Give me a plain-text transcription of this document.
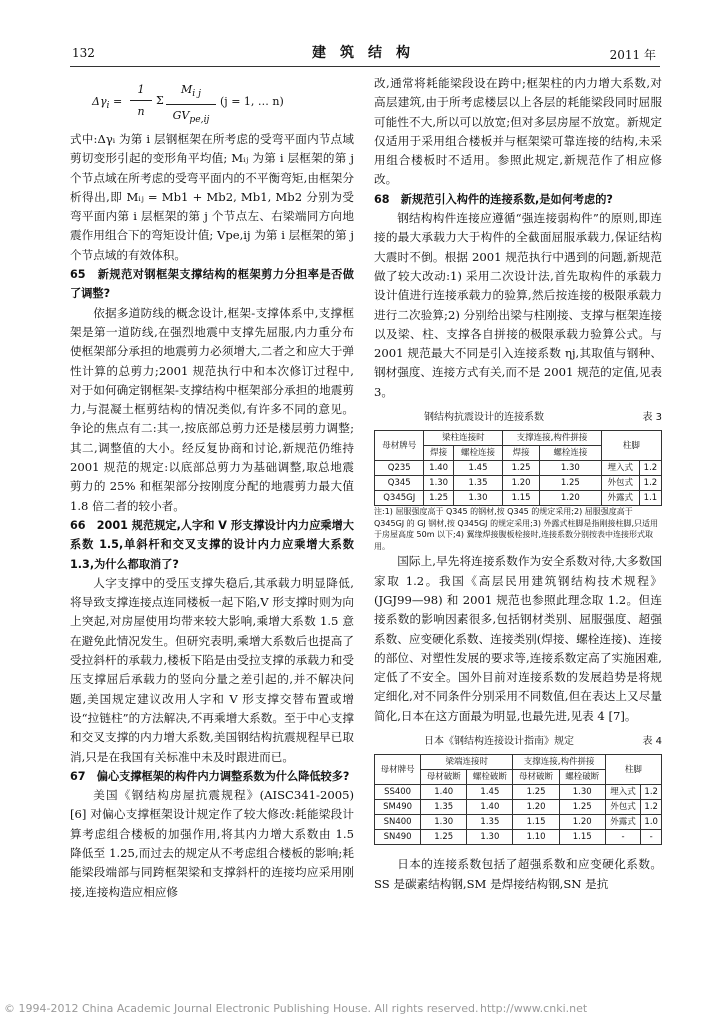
132	建筑结构	2011 年
$\Delta\gamma_i$ =
1
n
Σ
$M_{i j}$
$GV_{pe,ij}$
(j = 1, … n)

式中:Δγᵢ 为第 i 层钢框架在所考虑的受弯平面内节点域剪切变形引起的变形角平均值; Mᵢⱼ 为第 i 层框架的第 j 个节点域在所考虑的受弯平面内的不平衡弯矩,由框架分析得出,即 Mᵢⱼ = Mb1 + Mb2, Mb1, Mb2 分别为受弯平面内第 i 层框架的第 j 个节点左、右梁端同方向地震作用组合下的弯矩设计值; Vpe,ij 为第 i 层框架的第 j 个节点域的有效体积。

65　新规范对钢框架支撑结构的框架剪力分担率是否做了调整?

依据多道防线的概念设计,框架-支撑体系中,支撑框架是第一道防线,在强烈地震中支撑先屈服,内力重分布使框架部分承担的地震剪力必须增大,二者之和应大于弹性计算的总剪力;2001 规范执行中和本次修订过程中,对于如何确定钢框架-支撑结构中框架部分承担的地震剪力,与混凝土框剪结构的情况类似,有许多不同的意见。争论的焦点有二:其一,按底部总剪力还是楼层剪力调整;其二,调整值的大小。经反复协商和讨论,新规范仍维持 2001 规范的规定:以底部总剪力为基础调整,取总地震剪力的 25% 和框架部分按刚度分配的地震剪力最大值 1.8 倍二者的较小者。

66　2001 规范规定,人字和 V 形支撑设计内力应乘增大系数 1.5,单斜杆和交叉支撑的设计内力应乘增大系数 1.3,为什么都取消了?

人字支撑中的受压支撑失稳后,其承载力明显降低,将导致支撑连接点连同楼板一起下陷,V 形支撑时则为向上突起,对房屋使用均带来较大影响,乘增大系数 1.5 意在避免此情况发生。但研究表明,乘增大系数后也提高了受拉斜杆的承载力,楼板下陷是由受拉支撑的承载力和受压支撑屈后承载力的竖向分量之差引起的,并不解决问题,美国规定建议改用人字和 V 形支撑交替布置或增设“拉链柱”的方法解决,不再乘增大系数。至于中心支撑和交叉支撑的内力增大系数,美国钢结构抗震规程早已取消,只是在我国有关标准中未及时跟进而已。

67　偏心支撑框架的构件内力调整系数为什么降低较多?

美国《钢结构房屋抗震规程》(AISC341-2005) [6] 对偏心支撑框架设计规定作了较大修改:耗能梁段计算考虑组合楼板的加强作用,将其内力增大系数由 1.5 降低至 1.25,而过去的规定从不考虑组合楼板的影响;耗能梁段端部与同跨框架梁和支撑斜杆的连接均应采用刚接,连接构造应相应修

改,通常将耗能梁段设在跨中;框架柱的内力增大系数,对高层建筑,由于所考虑楼层以上各层的耗能梁段同时屈服可能性不大,所以可以放宽;但对多层房屋不放宽。新规定仅适用于采用组合楼板并与框架梁可靠连接的结构,未采用组合楼板时不适用。参照此规定,新规范作了相应修改。

68　新规范引入构件的连接系数,是如何考虑的?

钢结构构件连接应遵循“强连接弱构件”的原则,即连接的最大承载力大于构件的全截面屈服承载力,保证结构大震时不倒。根据 2001 规范执行中遇到的问题,新规范做了较大改动:1) 采用二次设计法,首先取构件的承载力设计值进行连接承载力的验算,然后按连接的极限承载力进行二次验算;2) 分别给出梁与柱刚接、支撑与框架连接以及梁、柱、支撑各自拼接的极限承载力验算公式。与 2001 规范最大不同是引入连接系数 ηj,其取值与钢种、钢材强度、连接方式有关,而不是 2001 规范的定值,见表 3。

钢结构抗震设计的连接系数	表 3
母材牌号	梁柱连接时		支撑连接,构件拼接		柱脚	
	焊接	螺栓连接	焊接	螺栓连接		
Q235	1.40	1.45	1.25	1.30	埋入式	1.2
Q345	1.30	1.35	1.20	1.25	外包式	1.2
Q345GJ	1.25	1.30	1.15	1.20	外露式	1.1

注:1) 屈服强度高于 Q345 的钢材,按 Q345 的规定采用;2) 屈服强度高于 Q345GJ 的 GJ 钢材,按 Q345GJ 的规定采用;3) 外露式柱脚是指刚接柱脚,只适用于房屋高度 50m 以下;4) 翼缘焊接腹板栓接时,连接系数分别按表中连接形式取用。

国际上,早先将连接系数作为安全系数对待,大多数国家取 1.2。我国《高层民用建筑钢结构技术规程》(JGJ99—98) 和 2001 规范也参照此理念取 1.2。但连接系数的影响因素很多,包括钢材类别、屈服强度、超强系数、应变硬化系数、连接类别(焊接、螺栓连接)、连接的部位、对塑性发展的要求等,连接系数定高了实施困难,定低了不安全。国外目前对连接系数的发展趋势是将规定细化,对不同条件分别采用不同数值,但在表达上又尽量简化,日本在这方面最为明显,也最先进,见表 4 [7]。

日本《钢结构连接设计指南》规定	表 4
母材牌号	梁端连接时		支撑连接,构件拼接		柱脚	
	母材破断	螺栓破断	母材破断	螺栓破断		
SS400	1.40	1.45	1.25	1.30	埋入式	1.2
SM490	1.35	1.40	1.20	1.25	外包式	1.2
SN400	1.30	1.35	1.15	1.20	外露式	1.0
SN490	1.25	1.30	1.10	1.15	-	-

日本的连接系数包括了超强系数和应变硬化系数。SS 是碳素结构钢,SM 是焊接结构钢,SN 是抗

© 1994-2012 China Academic Journal Electronic Publishing House. All rights reserved. http://www.cnki.net
